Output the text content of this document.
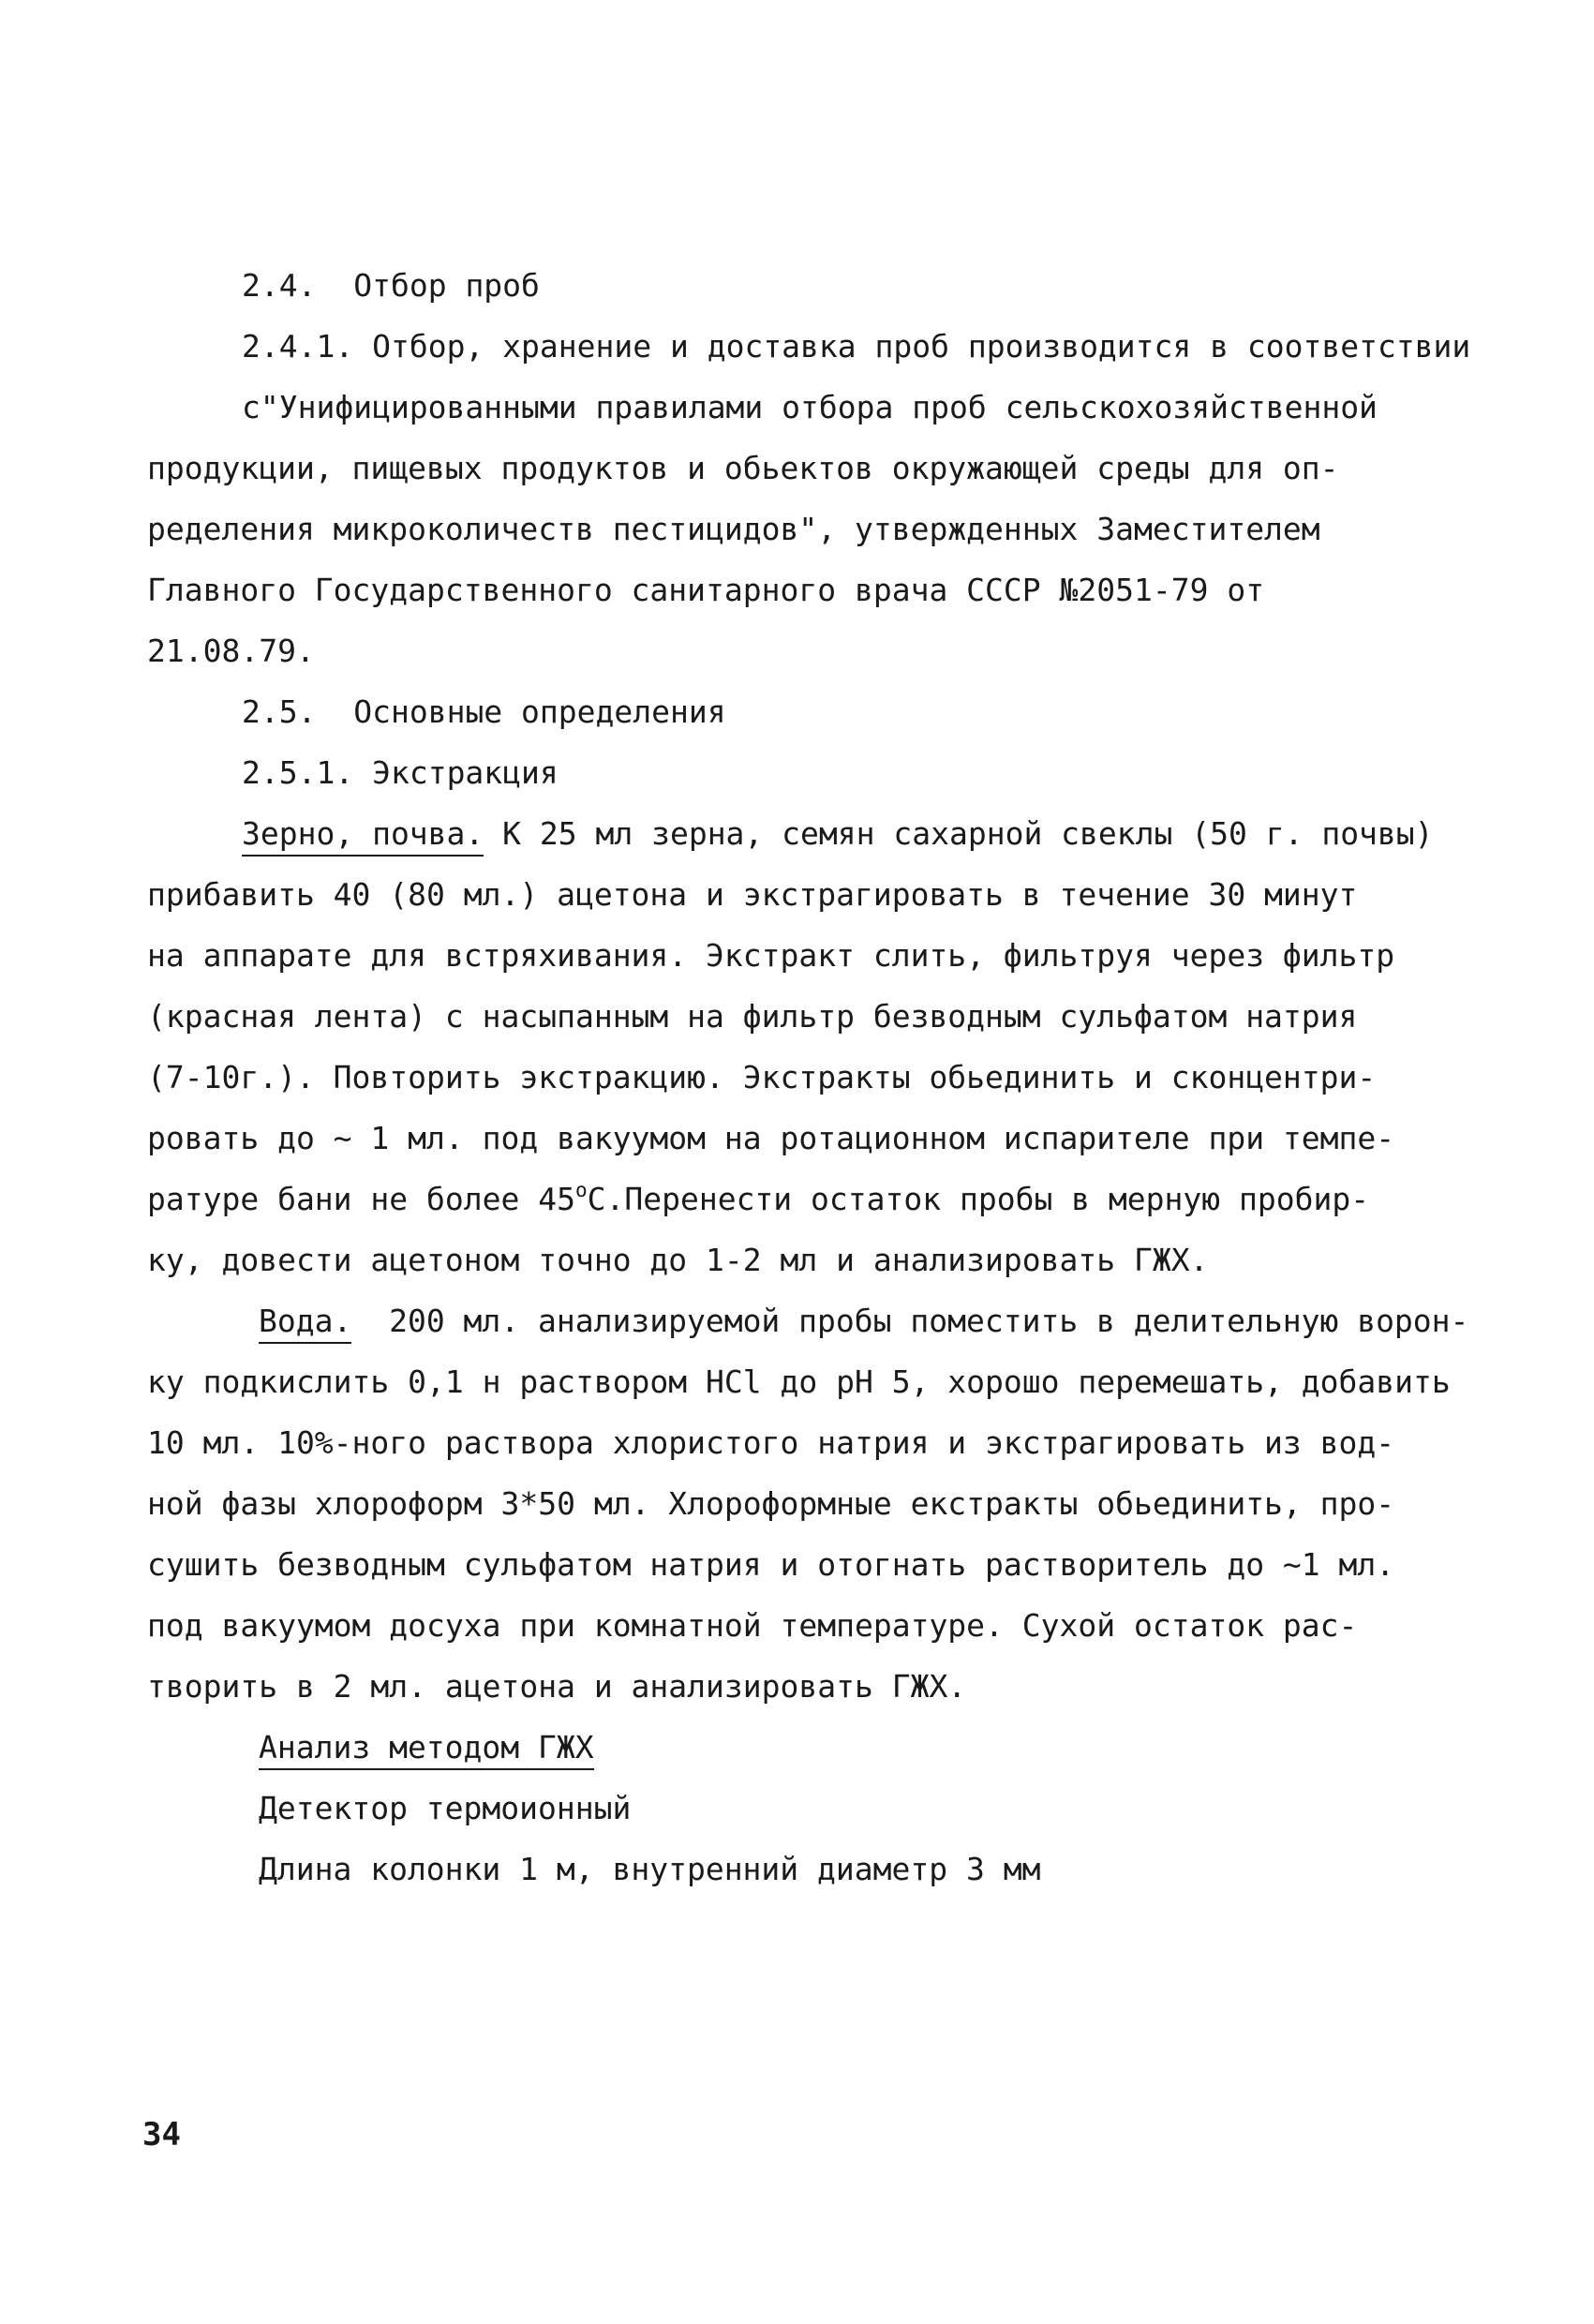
2.4. Отбор проб
2.4.1. Отбор, хранение и доставка проб производится в соответствии
с"Унифицированными правилами отбора проб сельскохозяйственной
продукции, пищевых продуктов и обьектов окружающей среды для оп-
ределения микроколичеств пестицидов", утвержденных Заместителем
Главного Государственного санитарного врача СССР №2051-79 от
21.08.79.
2.5. Основные определения
2.5.1. Экстракция
Зерно, почва. К 25 мл зерна, семян сахарной свеклы (50 г. почвы)
прибавить 40 (80 мл.) ацетона и экстрагировать в течение 30 минут
на аппарате для встряхивания. Экстракт слить, фильтруя через фильтр
(красная лента) с насыпанным на фильтр безводным сульфатом натрия
(7-10г.). Повторить экстракцию. Экстракты обьединить и сконцентри-
ровать до ~ 1 мл. под вакуумом на ротационном испарителе при темпе-
ратуре бани не более $45^оС.Перенести$ остаток пробы в мерную пробир-
ку, довести ацетоном точно до 1-2 мл и анализировать ГЖХ.
Вода.  200 мл. анализируемой пробы поместить в делительную ворон-
ку подкислить 0,1 н раствором HCl до pH 5, хорошо перемешать, добавить
10 мл. 10%-ного раствора хлористого натрия и экстрагировать из вод-
ной фазы хлороформ 3*50 мл. Хлороформные екстракты обьединить, про-
сушить безводным сульфатом натрия и отогнать растворитель до ~1 мл.
под вакуумом досуха при комнатной температуре. Сухой остаток рас-
творить в 2 мл. ацетона и анализировать ГЖХ.
Анализ методом ГЖХ
Детектор термоионный
Длина колонки 1 м, внутренний диаметр 3 мм
34
